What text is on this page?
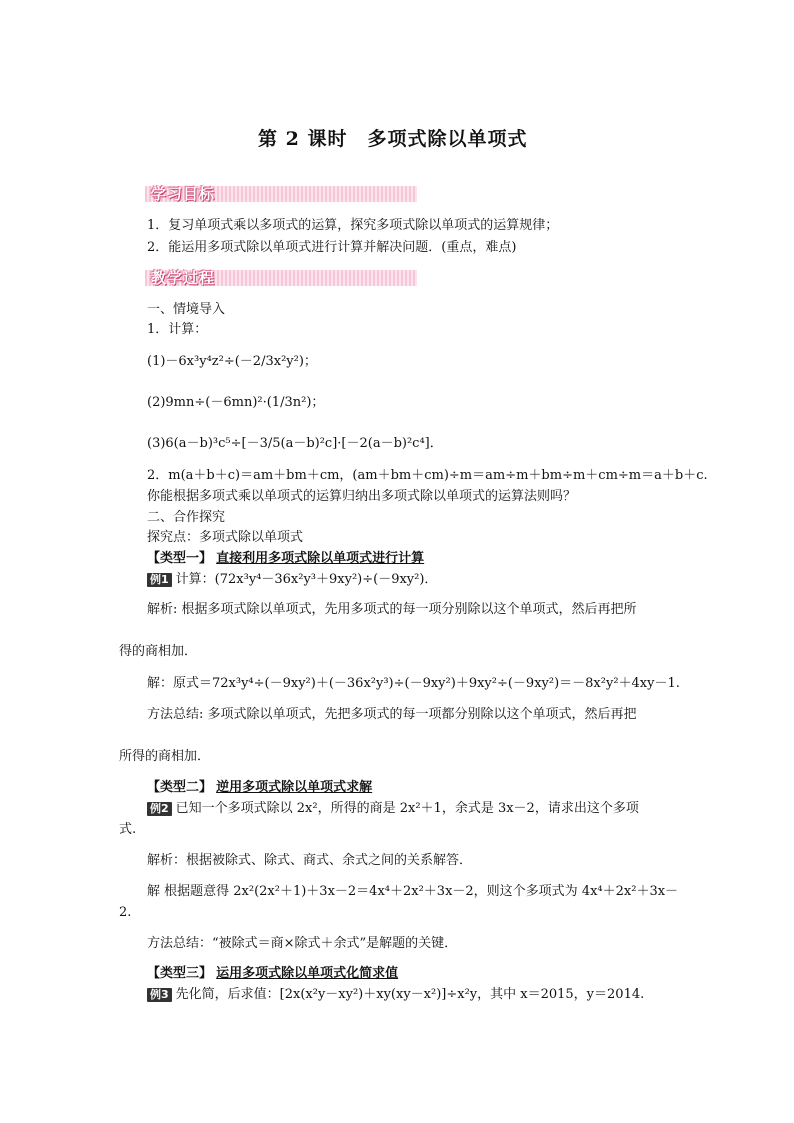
第 2 课时　多项式除以单项式
学习目标
1．复习单项式乘以多项式的运算，探究多项式除以单项式的运算规律；
2．能运用多项式除以单项式进行计算并解决问题．(重点，难点)
教学过程
一、情境导入
1．计算：
(1)－6x³y⁴z²÷(－2/3x²y²)；
(2)9mn÷(－6mn)²·(1/3n²)；
(3)6(a－b)³c⁵÷[－3/5(a－b)²c]·[－2(a－b)²c⁴]．
2．m(a＋b＋c)＝am＋bm＋cm，(am＋bm＋cm)÷m＝am÷m＋bm÷m＋cm÷m＝a＋b＋c.
你能根据多项式乘以单项式的运算归纳出多项式除以单项式的运算法则吗？
二、合作探究
探究点：多项式除以单项式
【类型一】 直接利用多项式除以单项式进行计算
例1 计算：(72x³y⁴－36x²y³＋9xy²)÷(－9xy²)．
解析: 根据多项式除以单项式，先用多项式的每一项分别除以这个单项式，然后再把所
得的商相加．
解：原式＝72x³y⁴÷(－9xy²)＋(－36x²y³)÷(－9xy²)＋9xy²÷(－9xy²)＝－8x²y²＋4xy－1.
方法总结: 多项式除以单项式，先把多项式的每一项都分别除以这个单项式，然后再把
所得的商相加．
【类型二】 逆用多项式除以单项式求解
例2 已知一个多项式除以 2x²，所得的商是 2x²＋1，余式是 3x－2，请求出这个多项
式.
解析：根据被除式、除式、商式、余式之间的关系解答．
解 根据题意得 2x²(2x²＋1)＋3x－2＝4x⁴＋2x²＋3x－2，则这个多项式为 4x⁴＋2x²＋3x－
2.
方法总结：“被除式＝商×除式＋余式”是解题的关键．
【类型三】 运用多项式除以单项式化简求值
例3 先化简，后求值：[2x(x²y－xy²)＋xy(xy－x²)]÷x²y，其中 x＝2015，y＝2014.
